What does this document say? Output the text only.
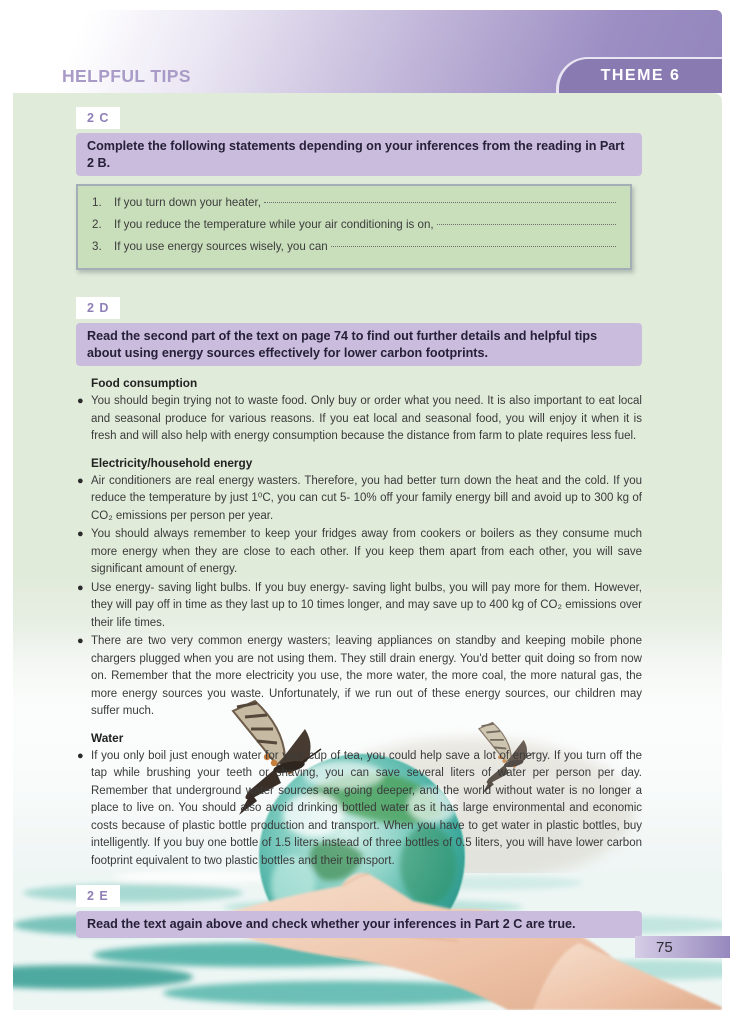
HELPFUL TIPS	THEME 6
2 C
Complete the following statements depending on your inferences from the reading in Part 2 B.
1.	If you turn down your heater,
2.	If you reduce the temperature while your air conditioning is on,
3.	If you use energy sources wisely, you can
2 D
Read the second part of the text on page 74 to find out further details and helpful tips about using energy sources effectively for lower carbon footprints.
Food consumption
● You should begin trying not to waste food. Only buy or order what you need. It is also important to eat local and seasonal produce for various reasons. If you eat local and seasonal food, you will enjoy it when it is fresh and will also help with energy consumption because the distance from farm to plate requires less fuel.
Electricity/household energy
● Air conditioners are real energy wasters. Therefore, you had better turn down the heat and the cold. If you reduce the temperature by just 1⁰C, you can cut 5- 10% off your family energy bill and avoid up to 300 kg of CO₂ emissions per person per year.
● You should always remember to keep your fridges away from cookers or boilers as they consume much more energy when they are close to each other. If you keep them apart from each other, you will save significant amount of energy.
● Use energy- saving light bulbs. If you buy energy- saving light bulbs, you will pay more for them. However, they will pay off in time as they last up to 10 times longer, and may save up to 400 kg of CO₂ emissions over their life times.
● There are two very common energy wasters; leaving appliances on standby and keeping mobile phone chargers plugged when you are not using them. They still drain energy. You'd better quit doing so from now on. Remember that the more electricity you use, the more water, the more coal, the more natural gas, the more energy sources you waste. Unfortunately, if we run out of these energy sources, our children may suffer much.
Water
● If you only boil just enough water for your cup of tea, you could help save a lot of energy. If you turn off the tap while brushing your teeth or shaving, you can save several liters of water per person per day. Remember that underground water sources are going deeper, and the world without water is no longer a place to live on. You should also avoid drinking bottled water as it has large environmental and economic costs because of plastic bottle production and transport. When you have to get water in plastic bottles, buy intelligently. If you buy one bottle of 1.5 liters instead of three bottles of 0.5 liters, you will have lower carbon footprint equivalent to two plastic bottles and their transport.
2 E
Read the text again above and check whether your inferences in Part 2 C are true.
75
